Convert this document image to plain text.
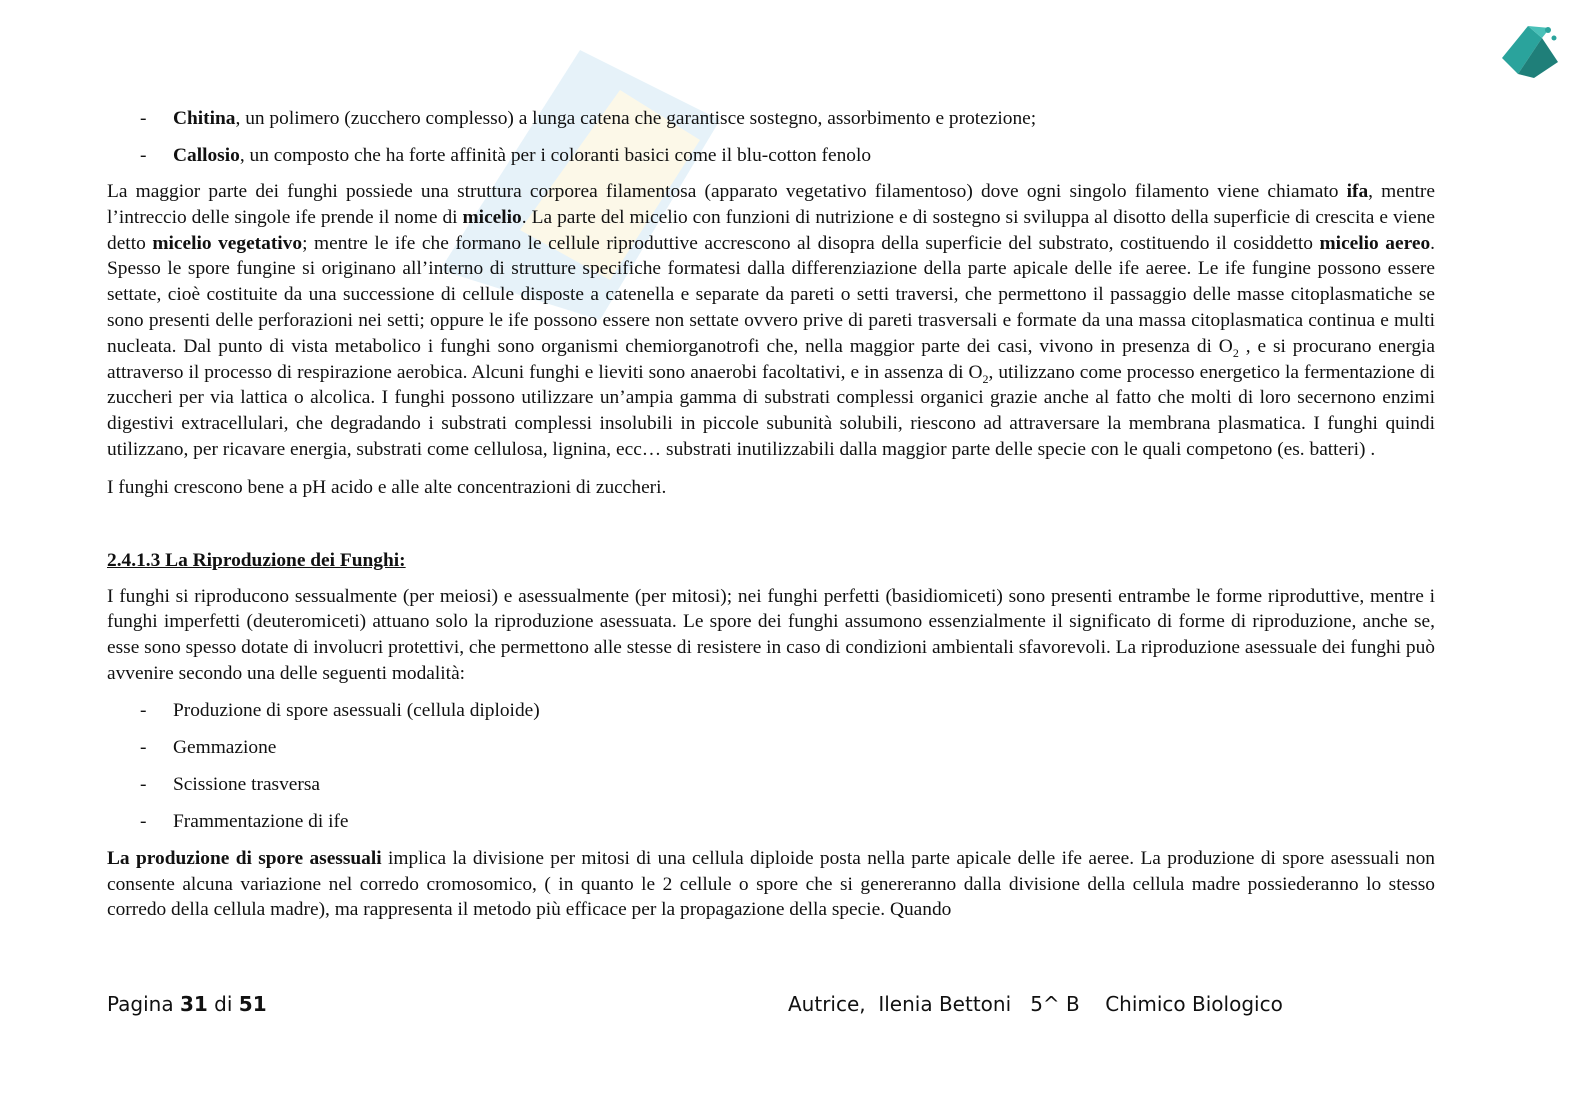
- Chitina, un polimero (zucchero complesso) a lunga catena che garantisce sostegno, assorbimento e protezione;
- Callosio, un composto che ha forte affinità per i coloranti basici come il blu-cotton fenolo

La maggior parte dei funghi possiede una struttura corporea filamentosa (apparato vegetativo filamentoso) dove ogni singolo filamento viene chiamato ifa, mentre l’intreccio delle singole ife prende il nome di micelio. La parte del micelio con funzioni di nutrizione e di sostegno si sviluppa al disotto della superficie di crescita e viene detto micelio vegetativo; mentre le ife che formano le cellule riproduttive accrescono al disopra della superficie del substrato, costituendo il cosiddetto micelio aereo. Spesso le spore fungine si originano all’interno di strutture specifiche formatesi dalla differenziazione della parte apicale delle ife aeree. Le ife fungine possono essere settate, cioè costituite da una successione di cellule disposte a catenella e separate da pareti o setti traversi, che permettono il passaggio delle masse citoplasmatiche se sono presenti delle perforazioni nei setti; oppure le ife possono essere non settate ovvero prive di pareti trasversali e formate da una massa citoplasmatica continua e multi nucleata. Dal punto di vista metabolico i funghi sono organismi chemiorganotrofi che, nella maggior parte dei casi, vivono in presenza di $O_2$ , e si procurano energia attraverso il processo di respirazione aerobica. Alcuni funghi e lieviti sono anaerobi facoltativi, e in assenza di $O_2$, utilizzano come processo energetico la fermentazione di zuccheri per via lattica o alcolica. I funghi possono utilizzare un’ampia gamma di substrati complessi organici grazie anche al fatto che molti di loro secernono enzimi digestivi extracellulari, che degradando i substrati complessi insolubili in piccole subunità solubili, riescono ad attraversare la membrana plasmatica. I funghi quindi utilizzano, per ricavare energia, substrati come cellulosa, lignina, ecc… substrati inutilizzabili dalla maggior parte delle specie con le quali competono (es. batteri) .

I funghi crescono bene a pH acido e alle alte concentrazioni di zuccheri.

2.4.1.3 La Riproduzione dei Funghi:

I funghi si riproducono sessualmente (per meiosi) e asessualmente (per mitosi); nei funghi perfetti (basidiomiceti) sono presenti entrambe le forme riproduttive, mentre i funghi imperfetti (deuteromiceti) attuano solo la riproduzione asessuata. Le spore dei funghi assumono essenzialmente il significato di forme di riproduzione, anche se, esse sono spesso dotate di involucri protettivi, che permettono alle stesse di resistere in caso di condizioni ambientali sfavorevoli. La riproduzione asessuale dei funghi può avvenire secondo una delle seguenti modalità:

- Produzione di spore asessuali (cellula diploide)
- Gemmazione
- Scissione trasversa
- Frammentazione di ife

La produzione di spore asessuali implica la divisione per mitosi di una cellula diploide posta nella parte apicale delle ife aeree. La produzione di spore asessuali non consente alcuna variazione nel corredo cromosomico, ( in quanto le 2 cellule o spore che si genereranno dalla divisione della cellula madre possiederanno lo stesso corredo della cellula madre), ma rappresenta il metodo più efficace per la propagazione della specie. Quando

Pagina 31 di 51	Autrice,  Ilenia Bettoni   5^ B    Chimico Biologico
